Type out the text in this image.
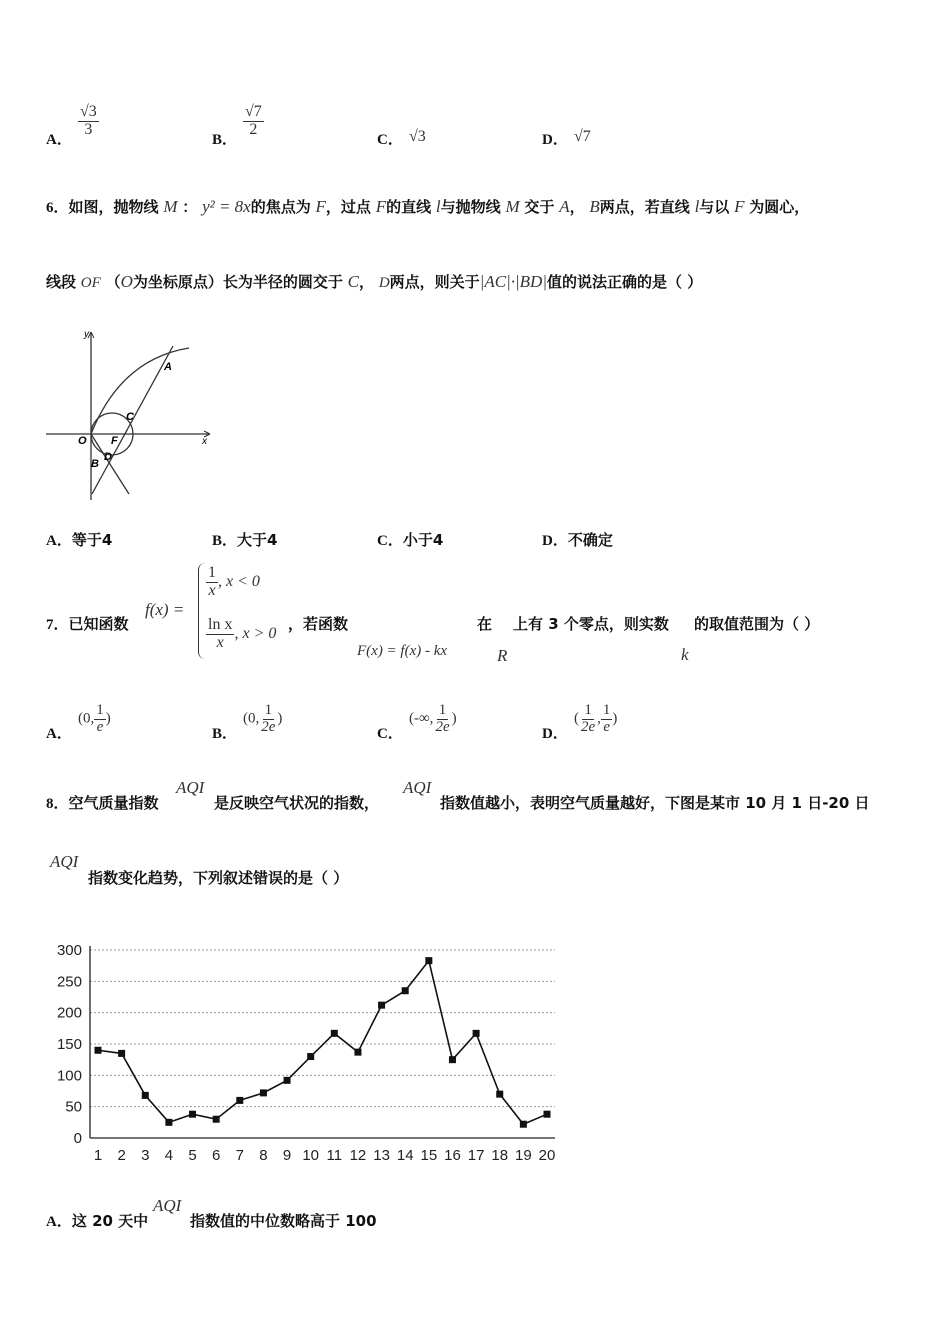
A．
$\frac{√3}{3}$
B．
$\frac{√7}{2}$
C． √3	D． √7
6．如图，抛物线 M ： y² = 8x的焦点为 F，过点 F的直线 l与抛物线 M 交于 A， B两点，若直线 l与以 F 为圆心，
线段 OF （O为坐标原点）长为半径的圆交于 C， D两点，则关于|AC|·|BD|值的说法正确的是（ ）
y
x
O F
A
B
C
D
A．等于4	B．大于4	C．小于4	D．不确定
7．已知函数
f(x) =
$\frac{1}{x}$ , x < 0
$\frac{\text{ln x}}{x}$ , x > 0
，若函数
F(x) = f(x) - kx
在
R
上有 3 个零点，则实数
k
的取值范围为（ ）
A．
(0, $\frac{1}{e}$ )
B．
(0, $\frac{1}{2e}$ )
C．
(-∞, $\frac{1}{2e}$ )
D．
( $\frac{1}{2e}$ , $\frac{1}{e}$ )
8．空气质量指数
AQI
是反映空气状况的指数，
AQI
指数值越小，表明空气质量越好，下图是某市 10 月 1 日-20 日
AQI
指数变化趋势，下列叙述错误的是（ ）
0
50
100
150
200
250
300
1 2 3 4 5 6 7 8 9 10 11 12 13 14 15 16 17 18 19 20
A．这 20 天中
AQI
指数值的中位数略高于 100
